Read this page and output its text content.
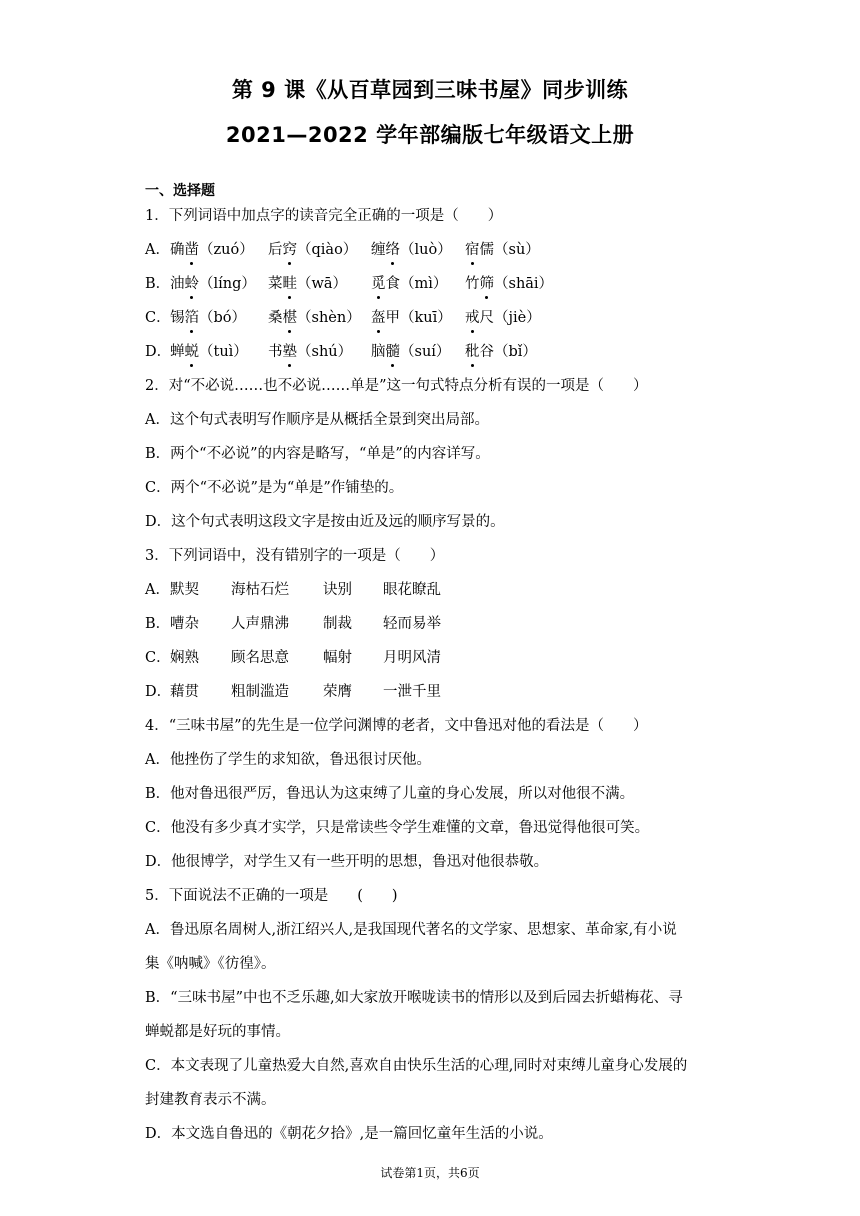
第 9 课《从百草园到三味书屋》同步训练
2021—2022 学年部编版七年级语文上册
一、选择题
1．下列词语中加点字的读音完全正确的一项是（　　）
A． 确凿（zuó） 后窍（qiào） 缠络（luò） 宿儒（sù）
B． 油蛉（líng） 菜畦（wā） 觅食（mì） 竹筛（shāi）
C． 锡箔（bó） 桑椹（shèn） 盔甲（kuī） 戒尺（jiè）
D．
蝉蜕（tuì） 书塾（shú） 脑髓（suí） 秕谷（bǐ）
2．对“不必说……也不必说……单是”这一句式特点分析有误的一项是（　　）
A．这个句式表明写作顺序是从概括全景到突出局部。
B．两个“不必说”的内容是略写，“单是”的内容详写。
C．两个“不必说”是为“单是”作铺垫的。
D．这个句式表明这段文字是按由近及远的顺序写景的。
3．下列词语中，没有错别字的一项是（　　）
A． 默契 海枯石烂 诀别 眼花瞭乱
B． 嘈杂 人声鼎沸 制裁 轻而易举
C． 娴熟 顾名思意 幅射 月明风清
D．
藉贯 粗制滥造 荣膺 一泄千里
4．“三味书屋”的先生是一位学问渊博的老者，文中鲁迅对他的看法是（　　）
A．他挫伤了学生的求知欲，鲁迅很讨厌他。
B．他对鲁迅很严厉，鲁迅认为这束缚了儿童的身心发展，所以对他很不满。
C．他没有多少真才实学，只是常读些令学生难懂的文章，鲁迅觉得他很可笑。
D．他很博学，对学生又有一些开明的思想，鲁迅对他很恭敬。
5．下面说法不正确的一项是　　(　　)
A．鲁迅原名周树人,浙江绍兴人,是我国现代著名的文学家、思想家、革命家,有小说
集《呐喊》《彷徨》。
B．“三味书屋”中也不乏乐趣,如大家放开喉咙读书的情形以及到后园去折蜡梅花、寻
蝉蜕都是好玩的事情。
C．本文表现了儿童热爱大自然,喜欢自由快乐生活的心理,同时对束缚儿童身心发展的
封建教育表示不满。
D．本文选自鲁迅的《朝花夕拾》,是一篇回忆童年生活的小说。
试卷第1页，共6页
